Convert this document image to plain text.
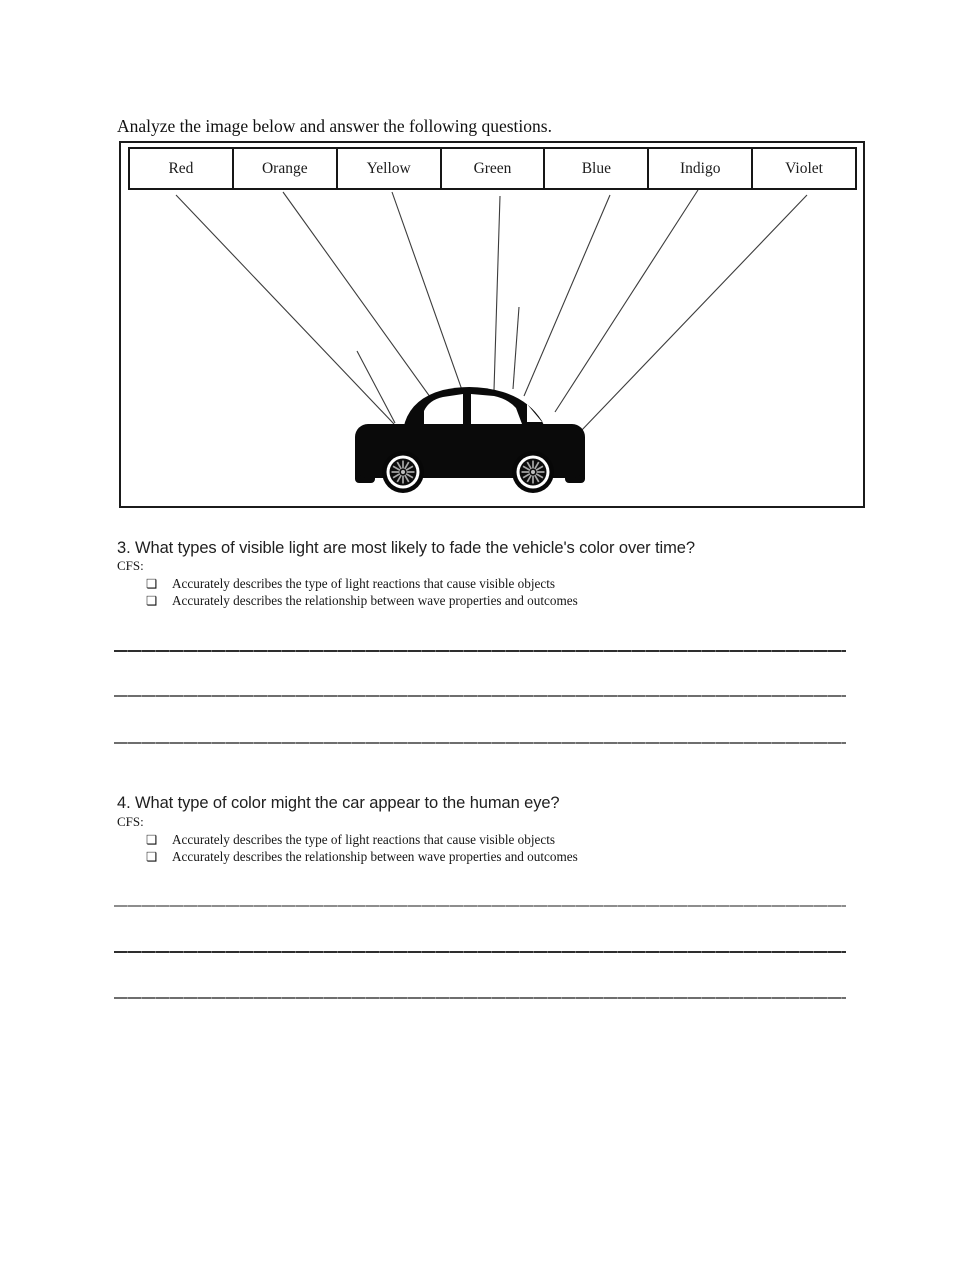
Analyze the image below and answer the following questions.
Red	Orange	Yellow	Green	Blue	Indigo	Violet
3. What types of visible light are most likely to fade the vehicle's color over time?
CFS:
❏	Accurately describes the type of light reactions that cause visible objects
❏	Accurately describes the relationship between wave properties and outcomes
4. What type of color might the car appear to the human eye?
CFS:
❏	Accurately describes the type of light reactions that cause visible objects
❏	Accurately describes the relationship between wave properties and outcomes
